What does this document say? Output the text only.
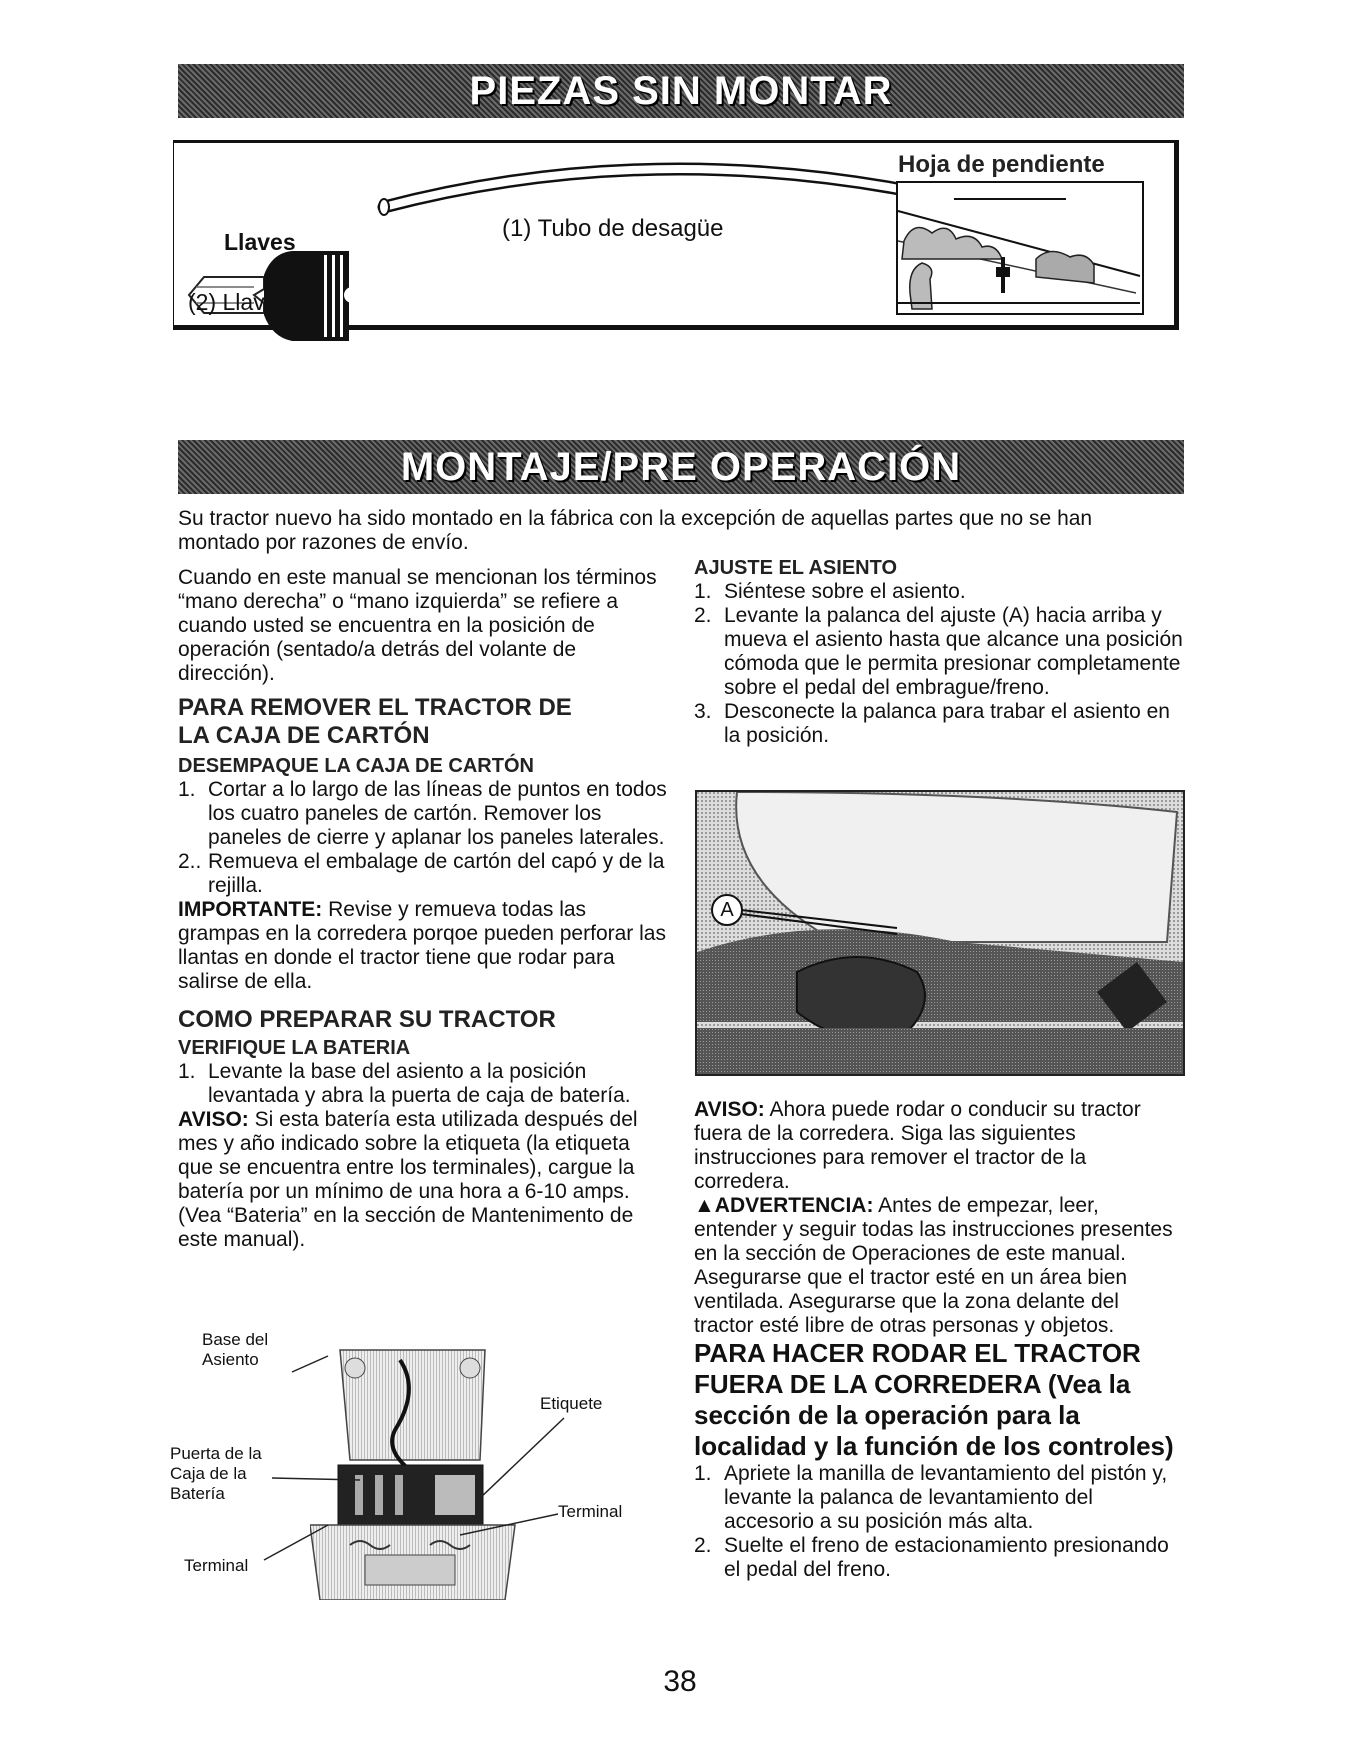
PIEZAS SIN MONTAR
Llaves
(2) Llaves
(1) Tubo de desagüe
Hoja de pendiente
MONTAJE/PRE OPERACIÓN
Su tractor nuevo ha sido montado en la fábrica con la excepción de aquellas partes que no se han montado por razones de envío.
Cuando en este manual se mencionan los términos “mano derecha” o “mano izquierda” se refiere a cuando usted se encuentra en la posición de operación (sentado/a detrás del volante de dirección).
PARA REMOVER EL TRACTOR DE
LA CAJA DE CARTÓN
DESEMPAQUE LA CAJA DE CARTÓN
1. Cortar a lo largo de las líneas de puntos en todos los cuatro paneles de cartón. Remover los paneles de cierre y aplanar los paneles laterales.
2.. Remueva el embalage de cartón del capó y de la rejilla.
IMPORTANTE: Revise y remueva todas las grampas en la corredera porqoe pueden perforar las llantas en donde el tractor tiene que rodar para salirse de ella.
COMO PREPARAR SU TRACTOR
VERIFIQUE LA BATERIA
1. Levante la base del asiento a la posición levantada y abra la puerta de caja de batería.
AVISO: Si esta batería esta utilizada después del mes y año indicado sobre la etiqueta (la etiqueta que se encuentra entre los terminales), cargue la batería por un mínimo de una hora a 6-10 amps. (Vea “Bateria” en la sección de Mantenimento de este manual).
Base del Asiento
Etiquete
Puerta de la Caja de la Batería
Terminal
Terminal
AJUSTE EL ASIENTO
1. Siéntese sobre el asiento.
2. Levante la palanca del ajuste (A) hacia arriba y mueva el asiento hasta que alcance una posición cómoda que le permita presionar completamente sobre el pedal del embrague/freno.
3. Desconecte la palanca para trabar el asiento en la posición.
A
AVISO: Ahora puede rodar o conducir su tractor fuera de la corredera. Siga las siguientes instrucciones para remover el tractor de la corredera.
▲ADVERTENCIA: Antes de empezar, leer, entender y seguir todas las instrucciones presentes en la sección de Operaciones de este manual. Asegurarse que el tractor esté en un área bien ventilada. Asegurarse que la zona delante del tractor esté libre de otras personas y objetos.
PARA HACER RODAR EL TRACTOR FUERA DE LA CORREDERA (Vea la sección de la operación para la localidad y la función de los controles)
1. Apriete la manilla de levantamiento del pistón y, levante la palanca de levantamiento del accesorio a su posición más alta.
2. Suelte el freno de estacionamiento presionando el pedal del freno.
38
